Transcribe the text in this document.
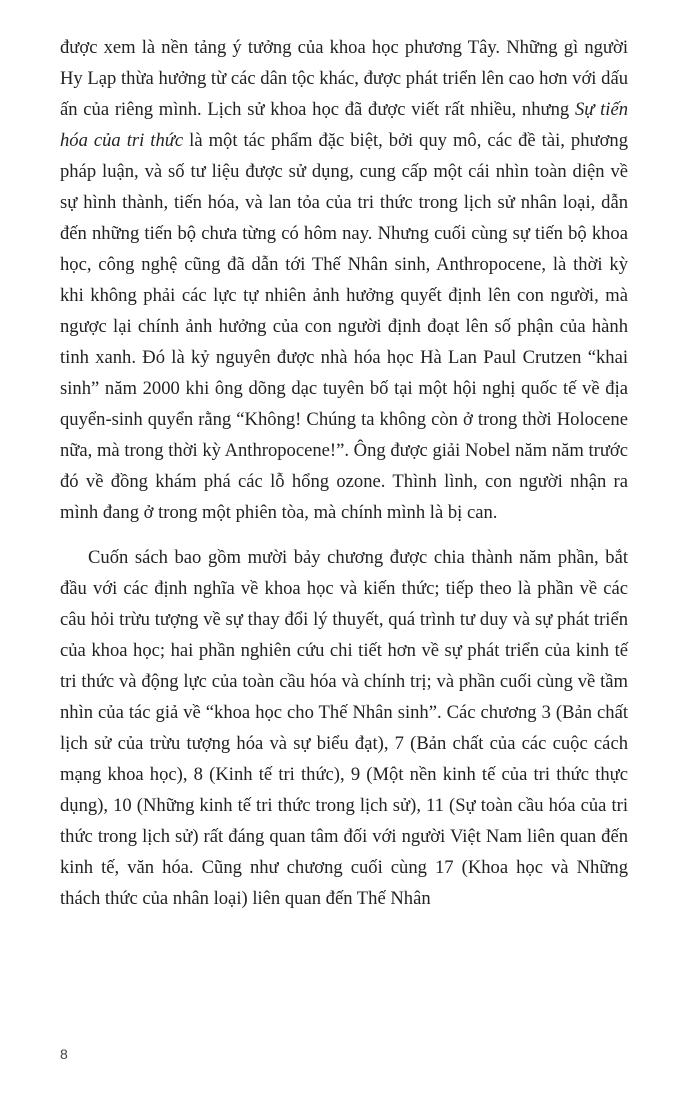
được xem là nền tảng ý tưởng của khoa học phương Tây. Những gì người Hy Lạp thừa hưởng từ các dân tộc khác, được phát triển lên cao hơn với dấu ấn của riêng mình. Lịch sử khoa học đã được viết rất nhiều, nhưng Sự tiến hóa của tri thức là một tác phẩm đặc biệt, bởi quy mô, các đề tài, phương pháp luận, và số tư liệu được sử dụng, cung cấp một cái nhìn toàn diện về sự hình thành, tiến hóa, và lan tỏa của tri thức trong lịch sử nhân loại, dẫn đến những tiến bộ chưa từng có hôm nay. Nhưng cuối cùng sự tiến bộ khoa học, công nghệ cũng đã dẫn tới Thế Nhân sinh, Anthropocene, là thời kỳ khi không phải các lực tự nhiên ảnh hưởng quyết định lên con người, mà ngược lại chính ảnh hưởng của con người định đoạt lên số phận của hành tinh xanh. Đó là kỷ nguyên được nhà hóa học Hà Lan Paul Crutzen “khai sinh” năm 2000 khi ông dõng dạc tuyên bố tại một hội nghị quốc tế về địa quyển-sinh quyển rằng “Không! Chúng ta không còn ở trong thời Holocene nữa, mà trong thời kỳ Anthropocene!”. Ông được giải Nobel năm năm trước đó về đồng khám phá các lỗ hổng ozone. Thình lình, con người nhận ra mình đang ở trong một phiên tòa, mà chính mình là bị can.

Cuốn sách bao gồm mười bảy chương được chia thành năm phần, bắt đầu với các định nghĩa về khoa học và kiến thức; tiếp theo là phần về các câu hỏi trừu tượng về sự thay đổi lý thuyết, quá trình tư duy và sự phát triển của khoa học; hai phần nghiên cứu chi tiết hơn về sự phát triển của kinh tế tri thức và động lực của toàn cầu hóa và chính trị; và phần cuối cùng về tầm nhìn của tác giả về “khoa học cho Thế Nhân sinh”. Các chương 3 (Bản chất lịch sử của trừu tượng hóa và sự biểu đạt), 7 (Bản chất của các cuộc cách mạng khoa học), 8 (Kinh tế tri thức), 9 (Một nền kinh tế của tri thức thực dụng), 10 (Những kinh tế tri thức trong lịch sử), 11 (Sự toàn cầu hóa của tri thức trong lịch sử) rất đáng quan tâm đối với người Việt Nam liên quan đến kinh tế, văn hóa. Cũng như chương cuối cùng 17 (Khoa học và Những thách thức của nhân loại) liên quan đến Thế Nhân

8
